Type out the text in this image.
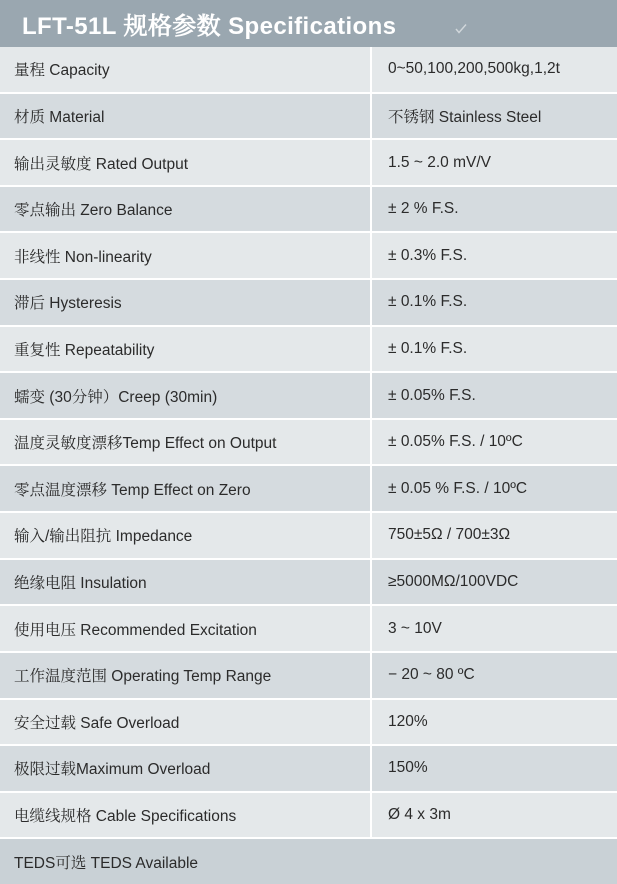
LFT-51L 规格参数 Specifications
量程 Capacity	0~50,100,200,500kg,1,2t
材质 Material	不锈钢 Stainless Steel
输出灵敏度 Rated Output	1.5 ~ 2.0 mV/V
零点输出 Zero Balance	± 2 % F.S.
非线性 Non-linearity	± 0.3% F.S.
滞后 Hysteresis	± 0.1% F.S.
重复性 Repeatability	± 0.1% F.S.
蠕变 (30分钟）Creep (30min)	± 0.05% F.S.
温度灵敏度漂移Temp Effect on Output	± 0.05% F.S. / 10ºC
零点温度漂移 Temp Effect on Zero	± 0.05 % F.S. / 10ºC
输入/输出阻抗 Impedance	750±5Ω / 700±3Ω
绝缘电阻 Insulation	≥5000MΩ/100VDC
使用电压 Recommended Excitation	3 ~ 10V
工作温度范围 Operating Temp Range	− 20 ~ 80 ºC
安全过载 Safe Overload	120%
极限过载Maximum Overload	150%
电缆线规格 Cable Specifications	Ø 4 x 3m
TEDS可选 TEDS Available
